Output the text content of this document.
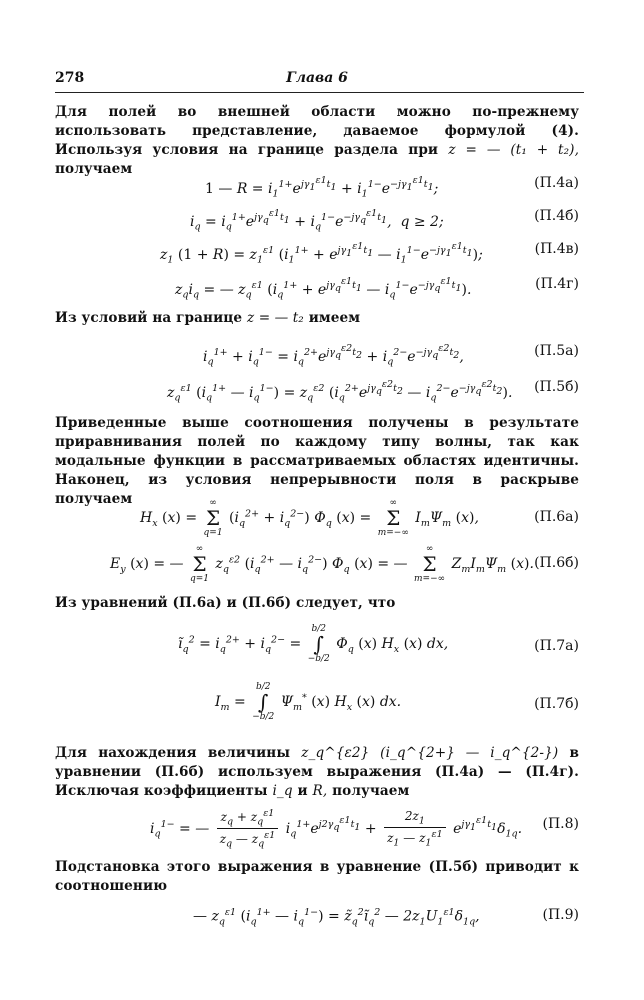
278	Глава 6
Для полей во внешней области можно по-прежнему использовать представление, даваемое формулой (4). Используя условия на границе раздела при z = — (t₁ + t₂), получаем
1 — $R = i_1^{1+}e^{j\gamma_1^{\varepsilon 1}t_1} + i_1^{1-}e^{-j\gamma_1^{\varepsilon 1}t_1}$;	(П.4а)
$i_q = i_q^{1+}e^{j\gamma_q^{\varepsilon 1}t_1} + i_q^{1-}e^{-j\gamma_q^{\varepsilon 1}t_1}$,  q ≥ 2;	(П.4б)
$z_1$ $(1 + R) = z_1^{\varepsilon 1}$ ($i_1^{1+} + e^{j\gamma_1^{\varepsilon 1}t_1}$ — $i_1^{1-}e^{-j\gamma_1^{\varepsilon 1}t_1}$);	(П.4в)
$z_qi_q$ = — $z_q^{\varepsilon 1}$ ($i_q^{1+} + e^{j\gamma_q^{\varepsilon 1}t_1}$ — $i_q^{1-}e^{-j\gamma_q^{\varepsilon 1}t_1}$).	(П.4г)
Из условий на границе z = — t₂ имеем
$i_q^{1+} + i_q^{1-} = i_q^{2+}e^{j\gamma_q^{\varepsilon 2}t_2} + i_q^{2-}e^{-j\gamma_q^{\varepsilon 2}t_2}$,	(П.5а)
$z_q^{\varepsilon 1}$ ($i_q^{1+}$ — $i_q^{1-}) = z_q^{\varepsilon 2}$ ($i_q^{2+}e^{j\gamma_q^{\varepsilon 2}t_2}$ — $i_q^{2-}e^{-j\gamma_q^{\varepsilon 2}t_2}$). (П.5б)
Приведенные выше соотношения получены в результате приравнивания полей по каждому типу волны, так как модальные функции в рассматриваемых областях идентичны. Наконец, из условия непрерывности поля в раскрыве получаем
$H_x$ (x) = ∞
Σ
q=1 $(i_q^{2+} + i_q^{2-})$ $\Phi_q$ (x) = ∞
Σ
m=−∞ $I_m\Psi_m$ (x),	(П.6а)
$E_y$ (x) = — ∞
Σ
q=1 $z_q^{\varepsilon 2}$ ($i_q^{2+}$ — $i_q^{2-}$) $\Phi_q$ (x) = — ∞
Σ
m=−∞ $Z_mI_m\Psi_m$ (x). (П.6б)
Из уравнений (П.6а) и (П.6б) следует, что
$ĩ_q^2 = i_q^{2+} + i_q^{2-} = b/2$
∫
−b/2 $\Phi_q$ (x) $H_x$ (x) dx,	(П.7а)
$I_m = b/2$
∫
−b/2 $\Psi_m^*$ (x) $H_x$ (x) dx.	(П.7б)
Для нахождения величины z_q^{ε2} (i_q^{2+} — i_q^{2-}) в уравнении (П.6б) используем выражения (П.4а) — (П.4г). Исключая коэффициенты i_q и R, получаем
$i_q^{1-}$ = — $\frac{z_q + z_q^{\varepsilon 1}}{z_q — z_q^{\varepsilon 1}} i_q^{1+}e^{j2\gamma_q^{\varepsilon 1}t_1} + \frac{2z_1}{z_1 — z_1^{\varepsilon 1}} e^{j\gamma_1^{\varepsilon 1}t_1}\delta_{1q}$. (П.8)
Подстановка этого выражения в уравнение (П.5б) приводит к соотношению
— $z_q^{\varepsilon 1}$ ($i_q^{1+}$ — $i_q^{1-}$) = $z̃_q^2ĩ_q^2$ — $2z_1U_1^{\varepsilon 1}\delta_{1q}$,	(П.9)
